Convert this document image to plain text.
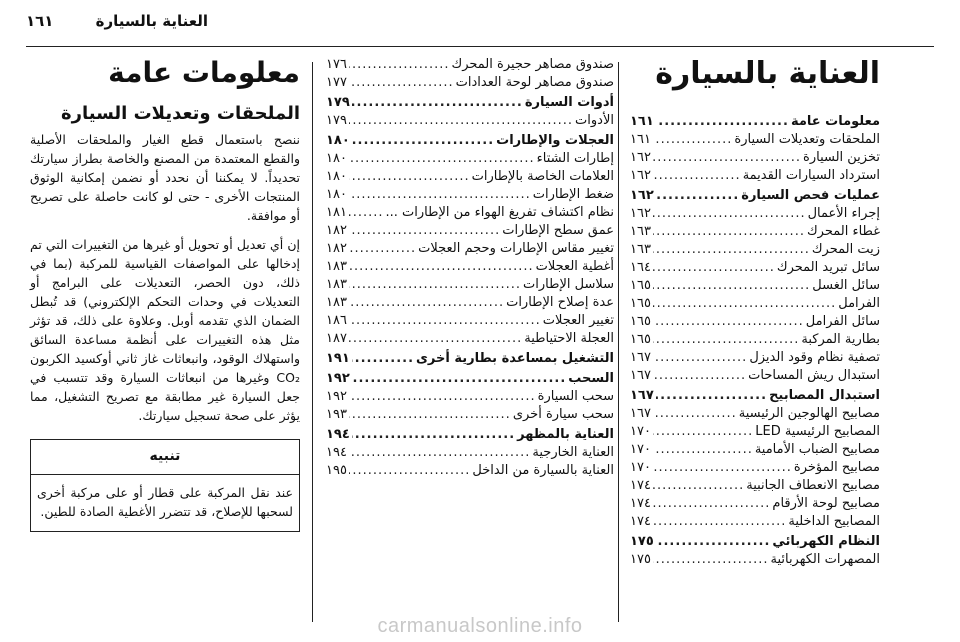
العناية بالسيارة
١٦١
العناية بالسيارة
معلومات عامة
.....
١٦١
الملحقات وتعديلات السيارة
.....
١٦١
تخزين السيارة
.....
١٦٢
استرداد السيارات القديمة
.....
١٦٢
عمليات فحص السيارة
.....
١٦٢
إجراء الأعمال
.....
١٦٢
غطاء المحرك
.....
١٦٣
زيت المحرك
.....
١٦٣
سائل تبريد المحرك
.....
١٦٤
سائل الغسل
.....
١٦٥
الفرامل
.....
١٦٥
سائل الفرامل
.....
١٦٥
بطارية المركبة
.....
١٦٥
تصفية نظام وقود الديزل
.....
١٦٧
استبدال ريش المساحات
.....
١٦٧
استبدال المصابيح
.....
١٦٧
مصابيح الهالوجين الرئيسية
.....
١٦٧
المصابيح الرئيسية LED
.....
١٧٠
مصابيح الضباب الأمامية
.....
١٧٠
مصابيح المؤخرة
.....
١٧٠
مصابيح الانعطاف الجانبية
.....
١٧٤
مصابيح لوحة الأرقام
.....
١٧٤
المصابيح الداخلية
.....
١٧٤
النظام الكهربائي
.....
١٧٥
المصهرات الكهربائية
.....
١٧٥
صندوق مصاهر حجيرة المحرك
.....
١٧٦
صندوق مصاهر لوحة العدادات
.....
١٧٧
أدوات السيارة
.....
١٧٩
الأدوات
.....
١٧٩
العجلات والإطارات
.....
١٨٠
إطارات الشتاء
.....
١٨٠
العلامات الخاصة بالإطارات
.....
١٨٠
ضغط الإطارات
.....
١٨٠
نظام اكتشاف تفريغ الهواء من الإطارات ...
.....
١٨١
عمق سطح الإطارات
.....
١٨٢
تغيير مقاس الإطارات وحجم العجلات
.....
١٨٢
أغطية العجلات
.....
١٨٣
سلاسل الإطارات
.....
١٨٣
عدة إصلاح الإطارات
.....
١٨٣
تغيير العجلات
.....
١٨٦
العجلة الاحتياطية
.....
١٨٧
التشغيل بمساعدة بطارية أخرى
.....
١٩١
السحب
.....
١٩٢
سحب السيارة
.....
١٩٢
سحب سيارة أخرى
.....
١٩٣
العناية بالمظهر
.....
١٩٤
العناية الخارجية
.....
١٩٤
العناية بالسيارة من الداخل
.....
١٩٥
معلومات عامة
الملحقات وتعديلات السيارة

ننصح باستعمال قطع الغيار والملحقات الأصلية والقطع المعتمدة من المصنع والخاصة بطراز سيارتك تحديداً. لا يمكننا أن نحدد أو نضمن إمكانية الوثوق المنتجات الأخرى - حتى لو كانت حاصلة على تصريح أو موافقة.

إن أي تعديل أو تحويل أو غيرها من التغييرات التي تم إدخالها على المواصفات القياسية للمركبة (بما في ذلك، دون الحصر، التعديلات على البرامج أو التعديلات في وحدات التحكم الإلكتروني) قد تُبطل الضمان الذي تقدمه أوبل. وعلاوة على ذلك، قد تؤثر مثل هذه التغييرات على أنظمة مساعدة السائق واستهلاك الوقود، وانبعاثات غاز ثاني أوكسيد الكربون CO₂ وغيرها من انبعاثات السيارة وقد تتسبب في جعل السيارة غير مطابقة مع تصريح التشغيل، مما يؤثر على صحة تسجيل سيارتك.

تنبيه
عند نقل المركبة على قطار أو على مركبة أخرى لسحبها للإصلاح، قد تتضرر الأغطية الصادة للطين.
carmanualsonline.info
